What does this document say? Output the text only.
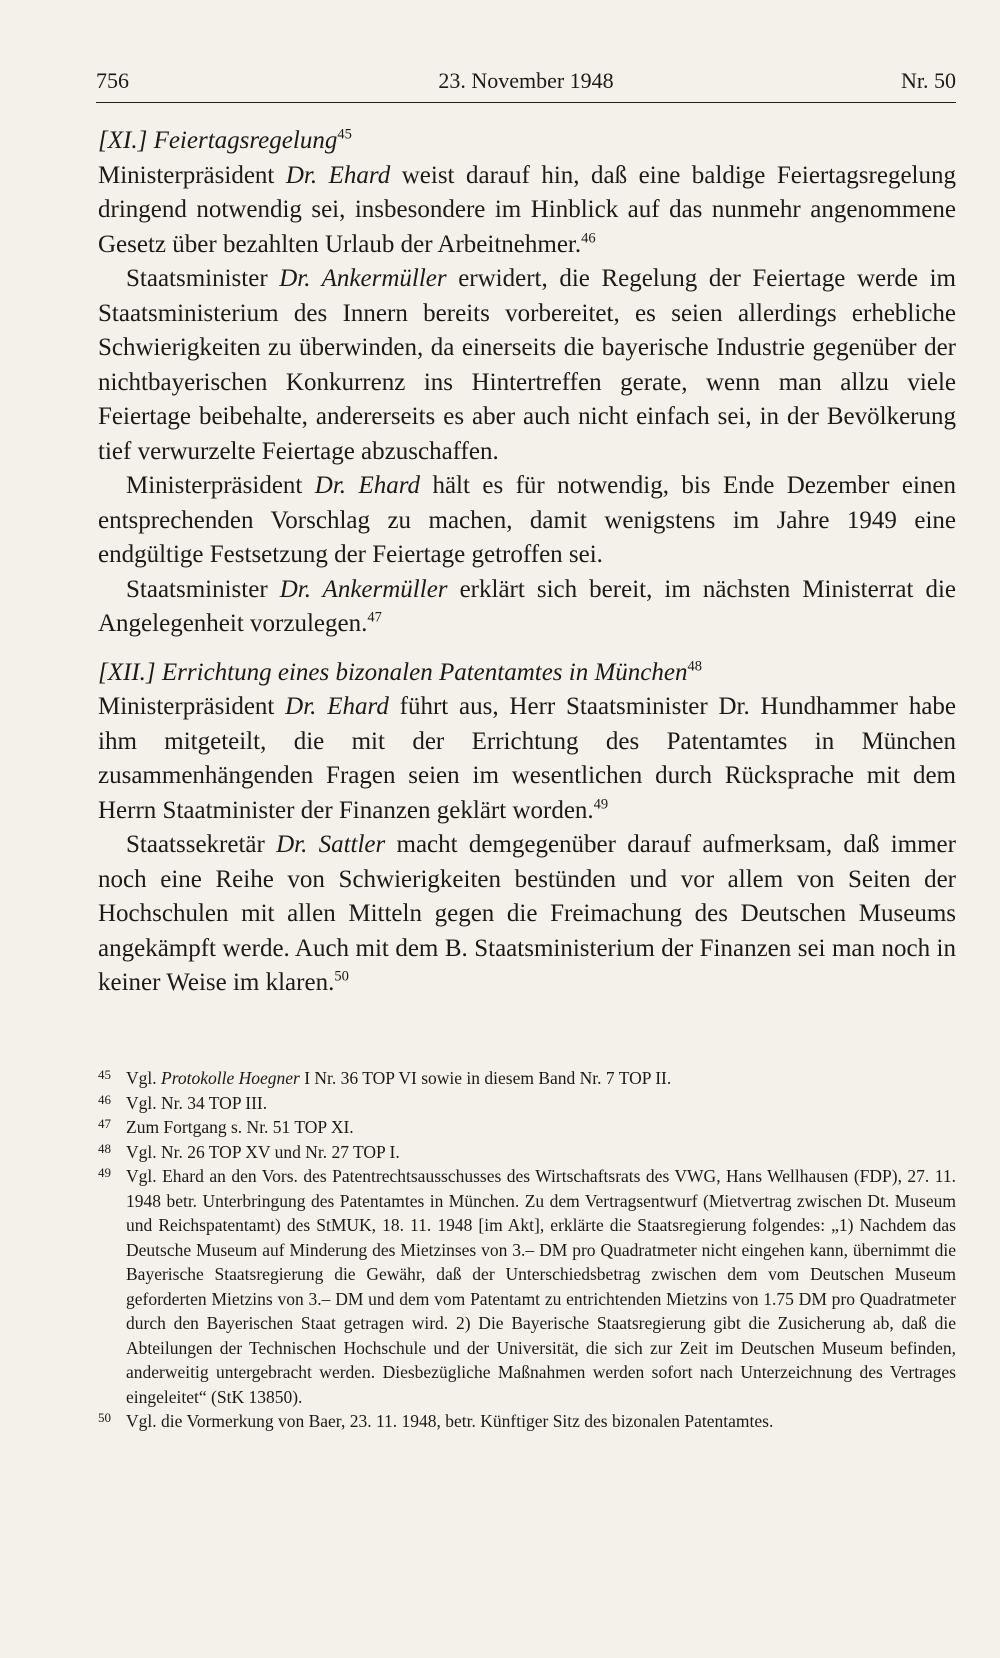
756	23. November 1948	Nr. 50

[XI.] Feiertagsregelung$^{45}$

Ministerpräsident Dr. Ehard weist darauf hin, daß eine baldige Feiertagsregelung dringend notwendig sei, insbesondere im Hinblick auf das nunmehr angenommene Gesetz über bezahlten Urlaub der Arbeitnehmer.$^{46}$

Staatsminister Dr. Ankermüller erwidert, die Regelung der Feiertage werde im Staatsministerium des Innern bereits vorbereitet, es seien allerdings erhebliche Schwierigkeiten zu überwinden, da einerseits die bayerische Industrie gegenüber der nichtbayerischen Konkurrenz ins Hintertreffen gerate, wenn man allzu viele Feiertage beibehalte, andererseits es aber auch nicht einfach sei, in der Bevölkerung tief verwurzelte Feiertage abzuschaffen.

Ministerpräsident Dr. Ehard hält es für notwendig, bis Ende Dezember einen entsprechenden Vorschlag zu machen, damit wenigstens im Jahre 1949 eine endgültige Festsetzung der Feiertage getroffen sei.

Staatsminister Dr. Ankermüller erklärt sich bereit, im nächsten Ministerrat die Angelegenheit vorzulegen.$^{47}$

[XII.] Errichtung eines bizonalen Patentamtes in München$^{48}$

Ministerpräsident Dr. Ehard führt aus, Herr Staatsminister Dr. Hundhammer habe ihm mitgeteilt, die mit der Errichtung des Patentamtes in München zusammenhängenden Fragen seien im wesentlichen durch Rücksprache mit dem Herrn Staatminister der Finanzen geklärt worden.$^{49}$

Staatssekretär Dr. Sattler macht demgegenüber darauf aufmerksam, daß immer noch eine Reihe von Schwierigkeiten bestünden und vor allem von Seiten der Hochschulen mit allen Mitteln gegen die Freimachung des Deutschen Museums angekämpft werde. Auch mit dem B. Staatsministerium der Finanzen sei man noch in keiner Weise im klaren.$^{50}$

45 Vgl. Protokolle Hoegner I Nr. 36 TOP VI sowie in diesem Band Nr. 7 TOP II.
46 Vgl. Nr. 34 TOP III.
47 Zum Fortgang s. Nr. 51 TOP XI.
48 Vgl. Nr. 26 TOP XV und Nr. 27 TOP I.
49 Vgl. Ehard an den Vors. des Patentrechtsausschusses des Wirtschaftsrats des VWG, Hans Wellhausen (FDP), 27. 11. 1948 betr. Unterbringung des Patentamtes in München. Zu dem Vertragsentwurf (Mietvertrag zwischen Dt. Museum und Reichspatentamt) des StMUK, 18. 11. 1948 [im Akt], erklärte die Staatsregierung folgendes: „1) Nachdem das Deutsche Museum auf Minderung des Mietzinses von 3.– DM pro Quadratmeter nicht eingehen kann, übernimmt die Bayerische Staatsregierung die Gewähr, daß der Unterschiedsbetrag zwischen dem vom Deutschen Museum geforderten Mietzins von 3.– DM und dem vom Patentamt zu entrichtenden Mietzins von 1.75 DM pro Quadratmeter durch den Bayerischen Staat getragen wird. 2) Die Bayerische Staatsregierung gibt die Zusicherung ab, daß die Abteilungen der Technischen Hochschule und der Universität, die sich zur Zeit im Deutschen Museum befinden, anderweitig untergebracht werden. Diesbezügliche Maßnahmen werden sofort nach Unterzeichnung des Vertrages eingeleitet“ (StK 13850).
50 Vgl. die Vormerkung von Baer, 23. 11. 1948, betr. Künftiger Sitz des bizonalen Patentamtes.
